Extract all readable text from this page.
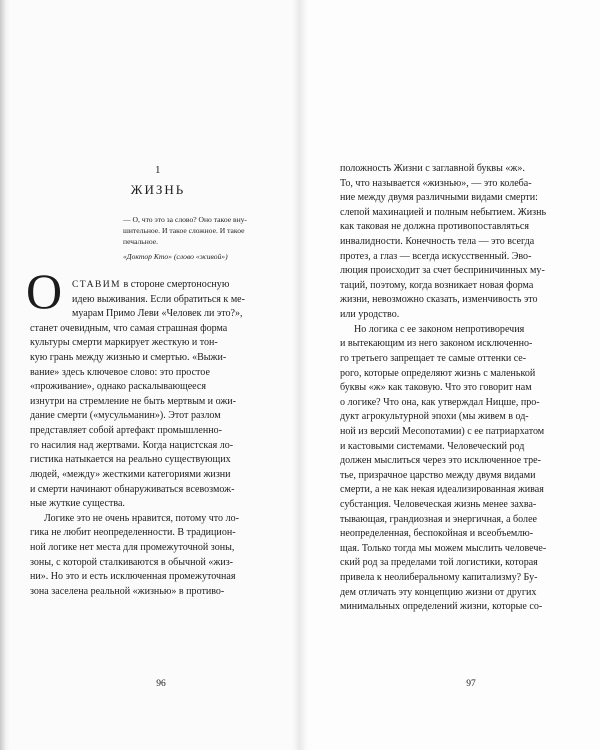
1
ЖИЗНЬ
— О, что это за слово? Оно такое вну-
шительное. И такое сложное. И такое
печальное.
«Доктор Кто» (слово «живой»)
О	СТАВИМ в стороне смертоносную
идею выживания. Если обратиться к ме-
муарам Примо Леви «Человек ли это?»,
станет очевидным, что самая страшная форма
культуры смерти маркирует жесткую и тон-
кую грань между жизнью и смертью. «Выжи-
вание» здесь ключевое слово: это простое
«проживание», однако раскалывающееся
изнутри на стремление не быть мертвым и ожи-
дание смерти («мусульманин»). Этот разлом
представляет собой артефакт промышленно-
го насилия над жертвами. Когда нацистская ло-
гистика натыкается на реально существующих
людей, «между» жесткими категориями жизни
и смерти начинают обнаруживаться всевозмож-
ные жуткие существа.
Логике это не очень нравится, потому что ло-
гика не любит неопределенности. В традицион-
ной логике нет места для промежуточной зоны,
зоны, с которой сталкиваются в обычной «жиз-
ни». Но это и есть исключенная промежуточная
зона заселена реальной «жизнью» в противо-
96	97
положность Жизни с заглавной буквы «ж».
То, что называется «жизнью», — это колеба-
ние между двумя различными видами смерти:
слепой махинацией и полным небытием. Жизнь
как таковая не должна противопоставляться
инвалидности. Конечность тела — это всегда
протез, а глаз — всегда искусственный. Эво-
люция происходит за счет бесприничинных му-
таций, поэтому, когда возникает новая форма
жизни, невозможно сказать, изменчивость это
или уродство.
Но логика с ее законом непротиворечия
и вытекающим из него законом исключенно-
го третьего запрещает те самые оттенки се-
рого, которые определяют жизнь с маленькой
буквы «ж» как таковую. Что это говорит нам
о логике? Что она, как утверждал Ницше, про-
дукт агрокультурной эпохи (мы живем в од-
ной из версий Месопотамии) с ее патриархатом
и кастовыми системами. Человеческий род
должен мыслиться через это исключенное тре-
тье, призрачное царство между двумя видами
смерти, а не как некая идеализированная живая
субстанция. Человеческая жизнь менее захва-
тывающая, грандиозная и энергичная, а более
неопределенная, беспокойная и всеобъемлю-
щая. Только тогда мы можем мыслить человече-
ский род за пределами той логистики, которая
привела к неолиберальному капитализму? Бу-
дем отличать эту концепцию жизни от других
минимальных определений жизни, которые со-
